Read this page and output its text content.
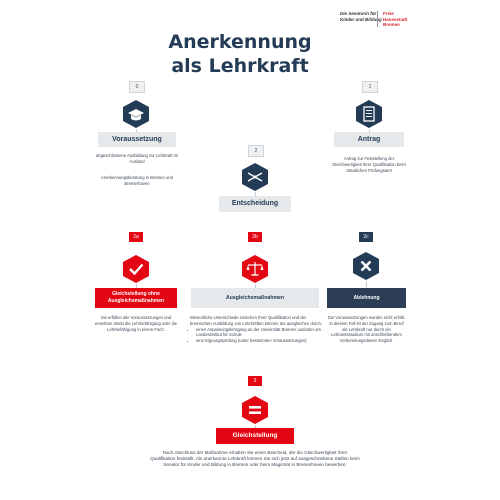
Anerkennung
als Lehrkraft
Die Senatorin für
Kinder und Bildung
Freie
Hansestadt
Bremen
0
Voraussetzung
abgeschlossene Ausbildung zur Lehrkraft im Ausland
Anerkennungsberatung in Bremen und Bremerhaven
1
Antrag
Antrag zur Feststellung der Gleichwertigkeit Ihrer Qualifikation beim Staatlichen Prüfungsamt
2
Entscheidung
2a
Gleichstellung ohne Ausgleichsmaßnahmen
Sie erfüllen alle Voraussetzungen und erwerben direkt die Lehrbefähigung oder die Lehrbefähigung in einem Fach.
2b
Ausgleichsmaßnahmen
Wesentliche Unterschiede zwischen Ihrer Qualifikation und der bremischen Ausbildung von Lehrkräften können Sie ausgleichen durch:
• einen Anpassungslehrgang an der Universität Bremen und/oder am Landesinstitut für Schule
• eine Eignungsprüfung (unter bestimmten Voraussetzungen)
2c
Ablehnung
Die Voraussetzungen wurden nicht erfüllt. In diesem Fall ist der Zugang zum Beruf als Lehrkraft nur durch ein Lehramtsstudium mit anschließendem Vorbereitungsdienst möglich.
3
Gleichstellung
Nach Abschluss der Maßnahme erhalten Sie einen Bescheid, der die Gleichwertigkeit Ihrer Qualifikation feststellt. Als anerkannte Lehrkraft können Sie sich jetzt auf ausgeschriebene Stellen beim Senator für Kinder und Bildung in Bremen oder beim Magistrat in Bremerhaven bewerben.
